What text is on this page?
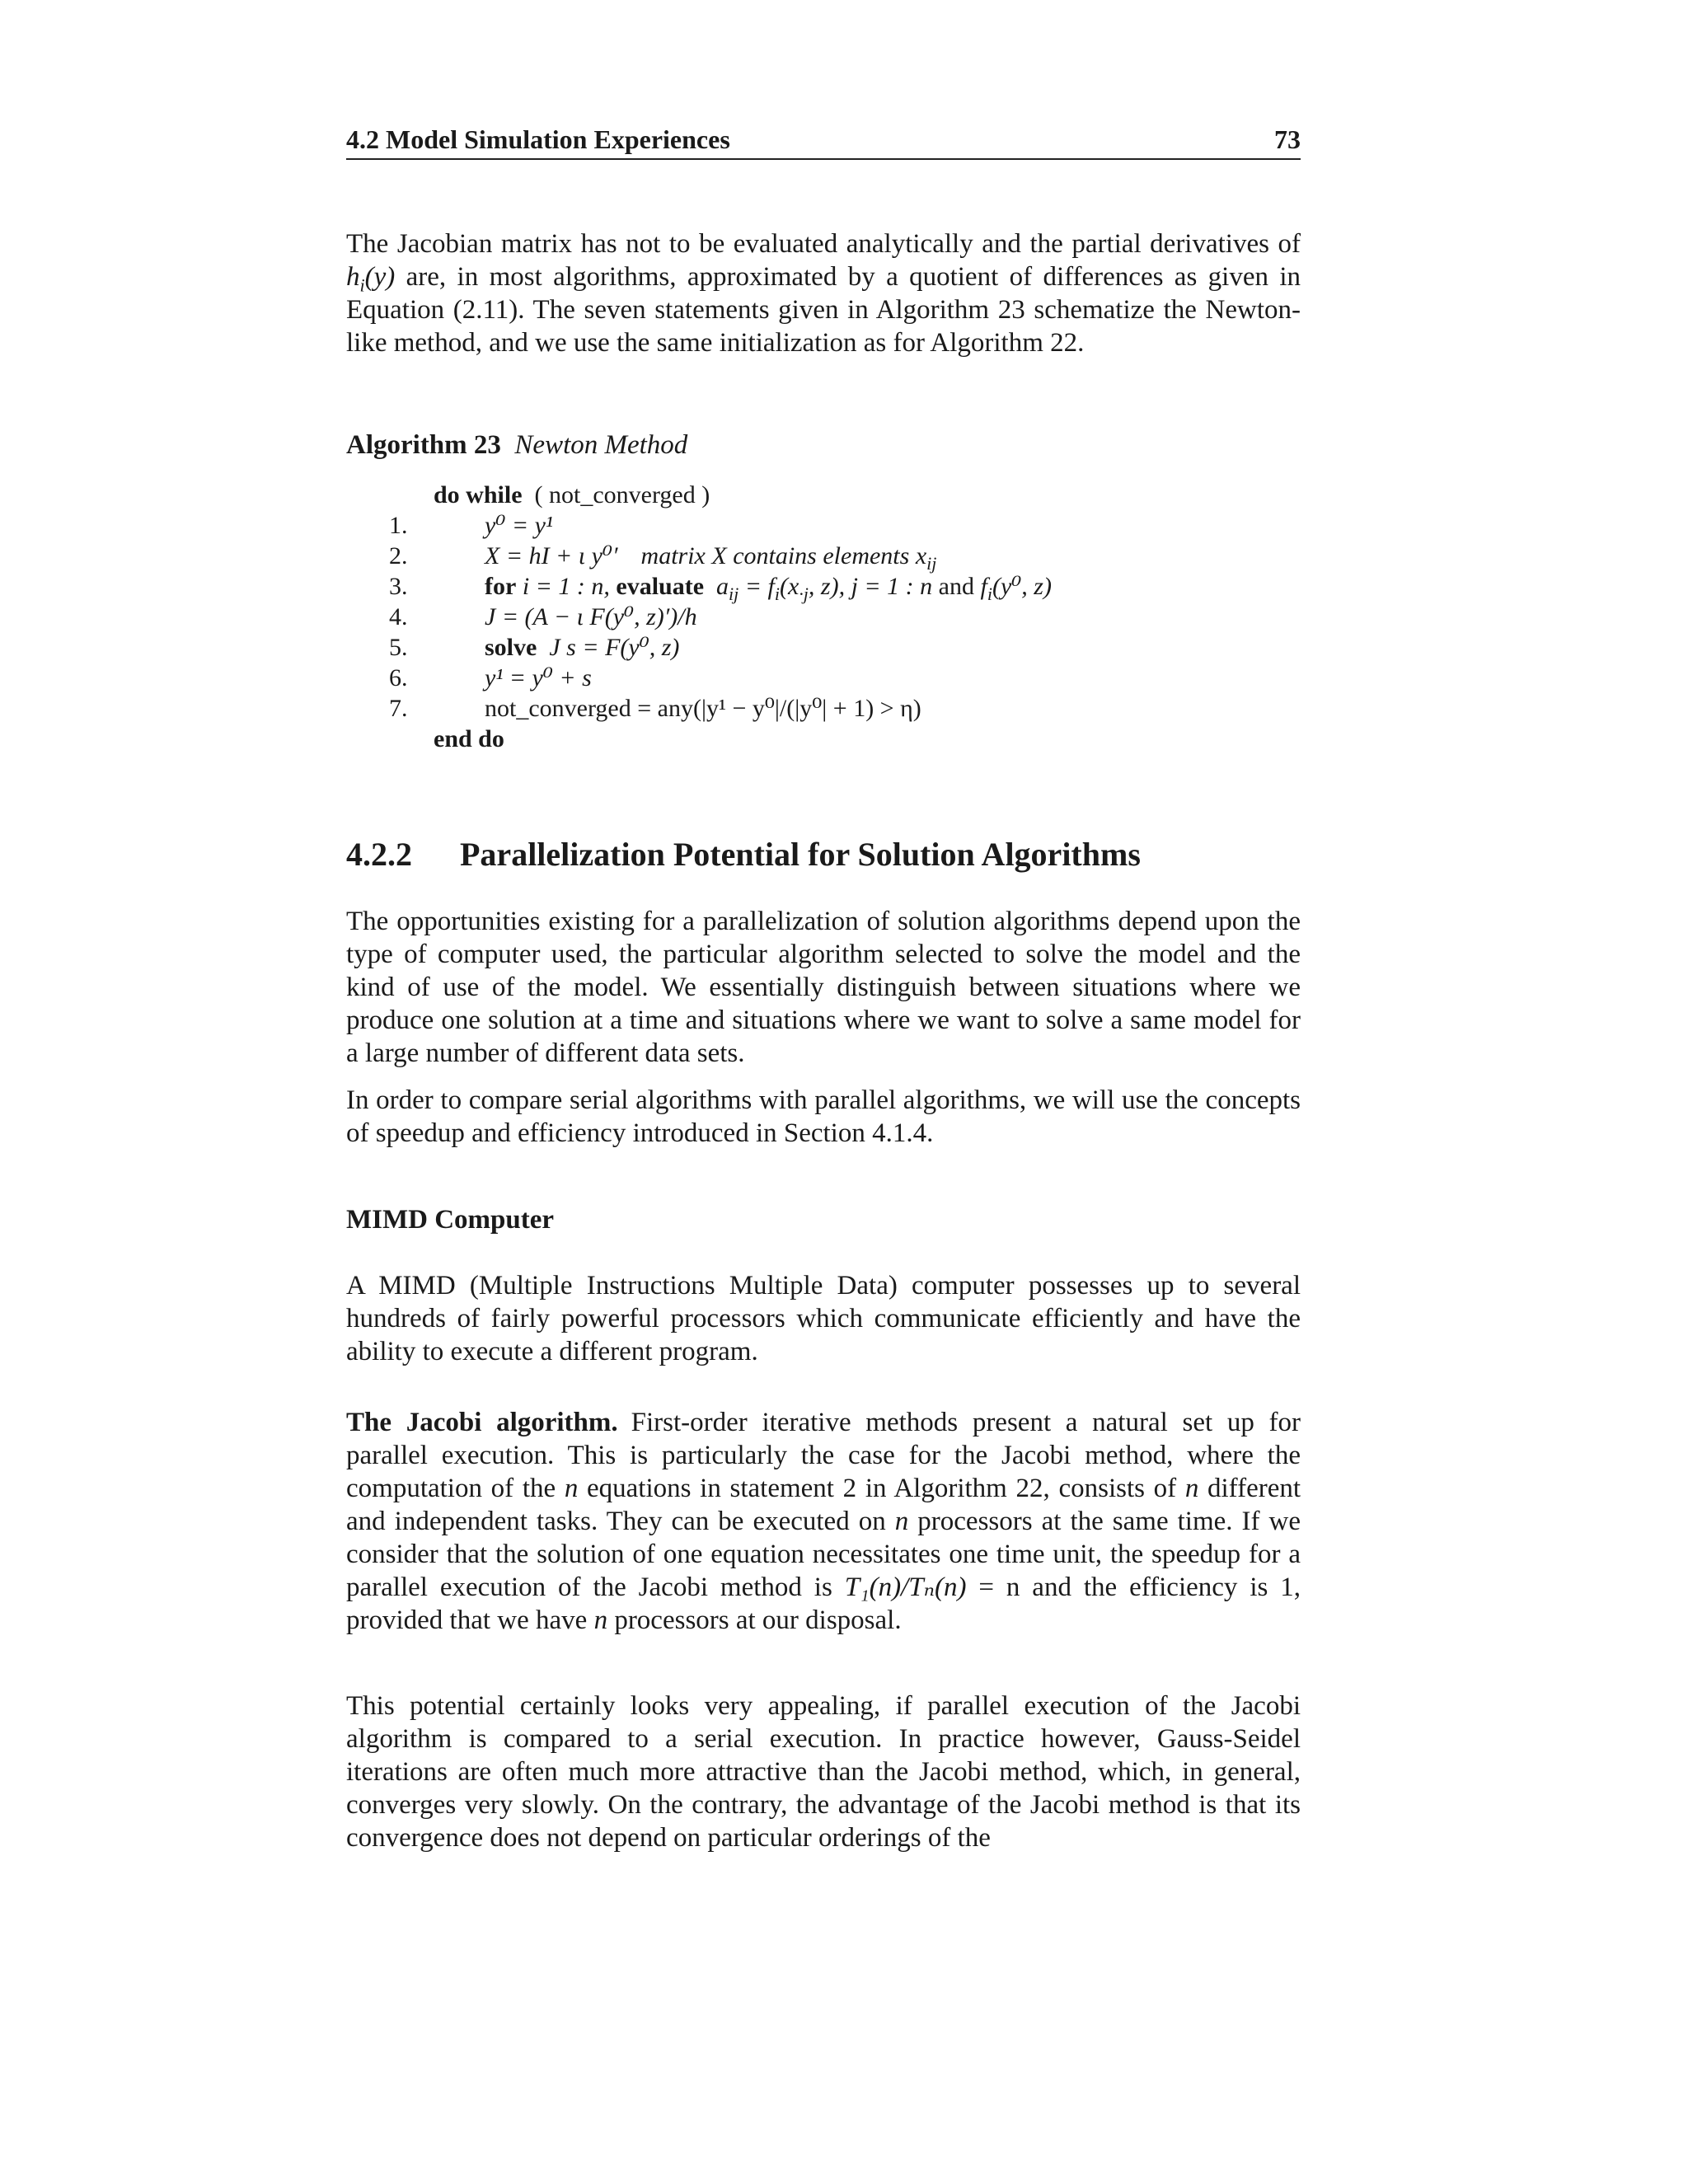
4.2 Model Simulation Experiences	73

The Jacobian matrix has not to be evaluated analytically and the partial derivatives of $h_i(y)$ are, in most algorithms, approximated by a quotient of differences as given in Equation (2.11). The seven statements given in Algorithm 23 schematize the Newton-like method, and we use the same initialization as for Algorithm 22.

Algorithm 23 Newton Method
do while ( not_converged )
1.	y⁰ = y¹
2.	X = hI + ι y⁰′ matrix X contains elements $x_{ij}$
3.	for i = 1 : n, evaluate $a_{ij} = f_i(x_{\cdot j}$, z), j = 1 : n and $f_i(y^0$, z)
4.	J = (A − ι F(y⁰, z)′)/h
5.	solve J s = F(y⁰, z)
6.	y¹ = y⁰ + s
7.	not_converged = any(|y¹ − y⁰|/(|y⁰| + 1) > η)
end do
4.2.2 Parallelization Potential for Solution Algorithms

The opportunities existing for a parallelization of solution algorithms depend upon the type of computer used, the particular algorithm selected to solve the model and the kind of use of the model. We essentially distinguish between situations where we produce one solution at a time and situations where we want to solve a same model for a large number of different data sets.

In order to compare serial algorithms with parallel algorithms, we will use the concepts of speedup and efficiency introduced in Section 4.1.4.

MIMD Computer

A MIMD (Multiple Instructions Multiple Data) computer possesses up to several hundreds of fairly powerful processors which communicate efficiently and have the ability to execute a different program.

The Jacobi algorithm. First-order iterative methods present a natural set up for parallel execution. This is particularly the case for the Jacobi method, where the computation of the n equations in statement 2 in Algorithm 22, consists of n different and independent tasks. They can be executed on n processors at the same time. If we consider that the solution of one equation necessitates one time unit, the speedup for a parallel execution of the Jacobi method is T₁(n)/Tₙ(n) = n and the efficiency is 1, provided that we have n processors at our disposal.

This potential certainly looks very appealing, if parallel execution of the Jacobi algorithm is compared to a serial execution. In practice however, Gauss-Seidel iterations are often much more attractive than the Jacobi method, which, in general, converges very slowly. On the contrary, the advantage of the Jacobi method is that its convergence does not depend on particular orderings of the
